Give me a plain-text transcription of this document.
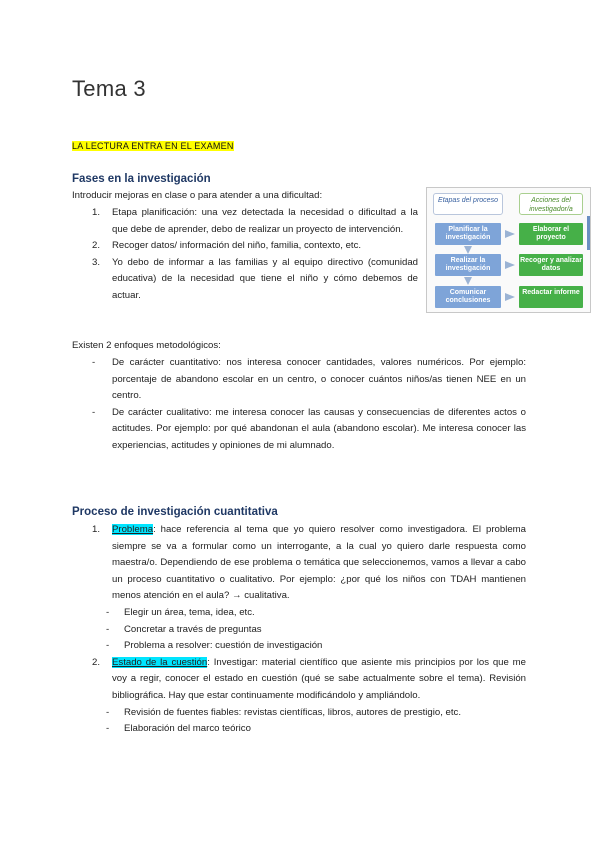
Tema 3
LA LECTURA ENTRA EN EL EXAMEN
Fases en la investigación
Introducir mejoras en clase o para atender a una dificultad:
1. Etapa planificación: una vez detectada la necesidad o dificultad a la que debe de aprender, debo de realizar un proyecto de intervención.
2. Recoger datos/ información del niño, familia, contexto, etc.
3. Yo debo de informar a las familias y al equipo directivo (comunidad educativa) de la necesidad que tiene el niño y cómo debemos de actuar.
Etapas del proceso	Acciones del investigador/a
Planificar la investigación
Realizar la investigación
Comunicar conclusiones
Elaborar el proyecto
Recoger y analizar datos
Redactar informe
Existen 2 enfoques metodológicos:
- De carácter cuantitativo: nos interesa conocer cantidades, valores numéricos. Por ejemplo: porcentaje de abandono escolar en un centro, o conocer cuántos niños/as tienen NEE en un centro.
- De carácter cualitativo: me interesa conocer las causas y consecuencias de diferentes actos o actitudes. Por ejemplo: por qué abandonan el aula (abandono escolar). Me interesa conocer las experiencias, actitudes y opiniones de mi alumnado.
Proceso de investigación cuantitativa
1. Problema: hace referencia al tema que yo quiero resolver como investigadora. El problema siempre se va a formular como un interrogante, a la cual yo quiero darle respuesta como maestra/o. Dependiendo de ese problema o temática que seleccionemos, vamos a llevar a cabo un proceso cuantitativo o cualitativo. Por ejemplo: ¿por qué los niños con TDAH mantienen menos atención en el aula? → cualitativa.
- Elegir un área, tema, idea, etc.
- Concretar a través de preguntas
- Problema a resolver: cuestión de investigación
2. Estado de la cuestión: Investigar: material científico que asiente mis principios por los que me voy a regir, conocer el estado en cuestión (qué se sabe actualmente sobre el tema). Revisión bibliográfica. Hay que estar continuamente modificándolo y ampliándolo.
- Revisión de fuentes fiables: revistas científicas, libros, autores de prestigio, etc.
- Elaboración del marco teórico
